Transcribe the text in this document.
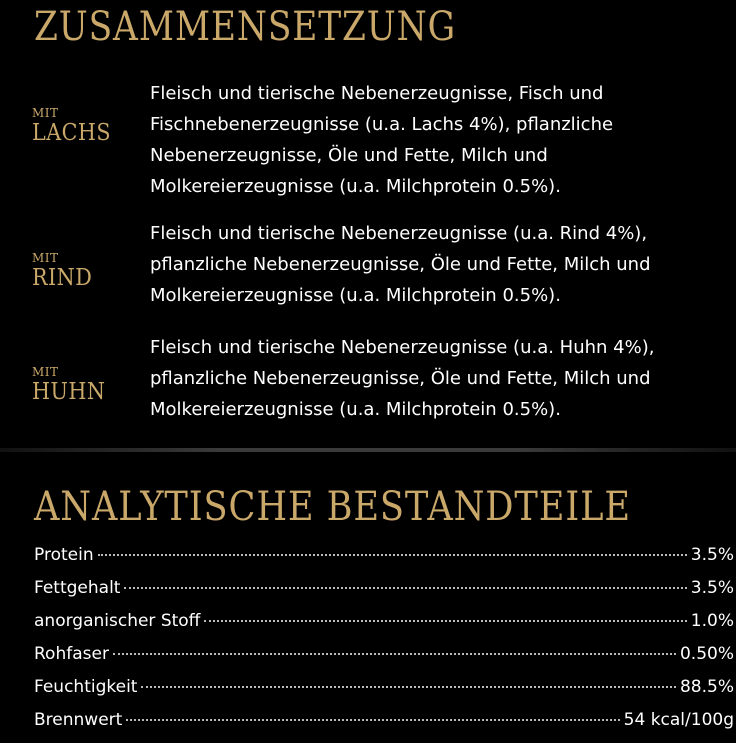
ZUSAMMENSETZUNG
MIT
LACHS

Fleisch und tierische Nebenerzeugnisse, Fisch und
Fischnebenerzeugnisse (u.a. Lachs 4%), pflanzliche
Nebenerzeugnisse, Öle und Fette, Milch und
Molkereierzeugnisse (u.a. Milchprotein 0.5%).

MIT
RIND

Fleisch und tierische Nebenerzeugnisse (u.a. Rind 4%),
pflanzliche Nebenerzeugnisse, Öle und Fette, Milch und
Molkereierzeugnisse (u.a. Milchprotein 0.5%).

MIT
HUHN

Fleisch und tierische Nebenerzeugnisse (u.a. Huhn 4%),
pflanzliche Nebenerzeugnisse, Öle und Fette, Milch und
Molkereierzeugnisse (u.a. Milchprotein 0.5%).

ANALYTISCHE BESTANDTEILE
Protein	3.5%
Fettgehalt	3.5%
anorganischer Stoff	1.0%
Rohfaser	0.50%
Feuchtigkeit	88.5%
Brennwert	54 kcal/100g
